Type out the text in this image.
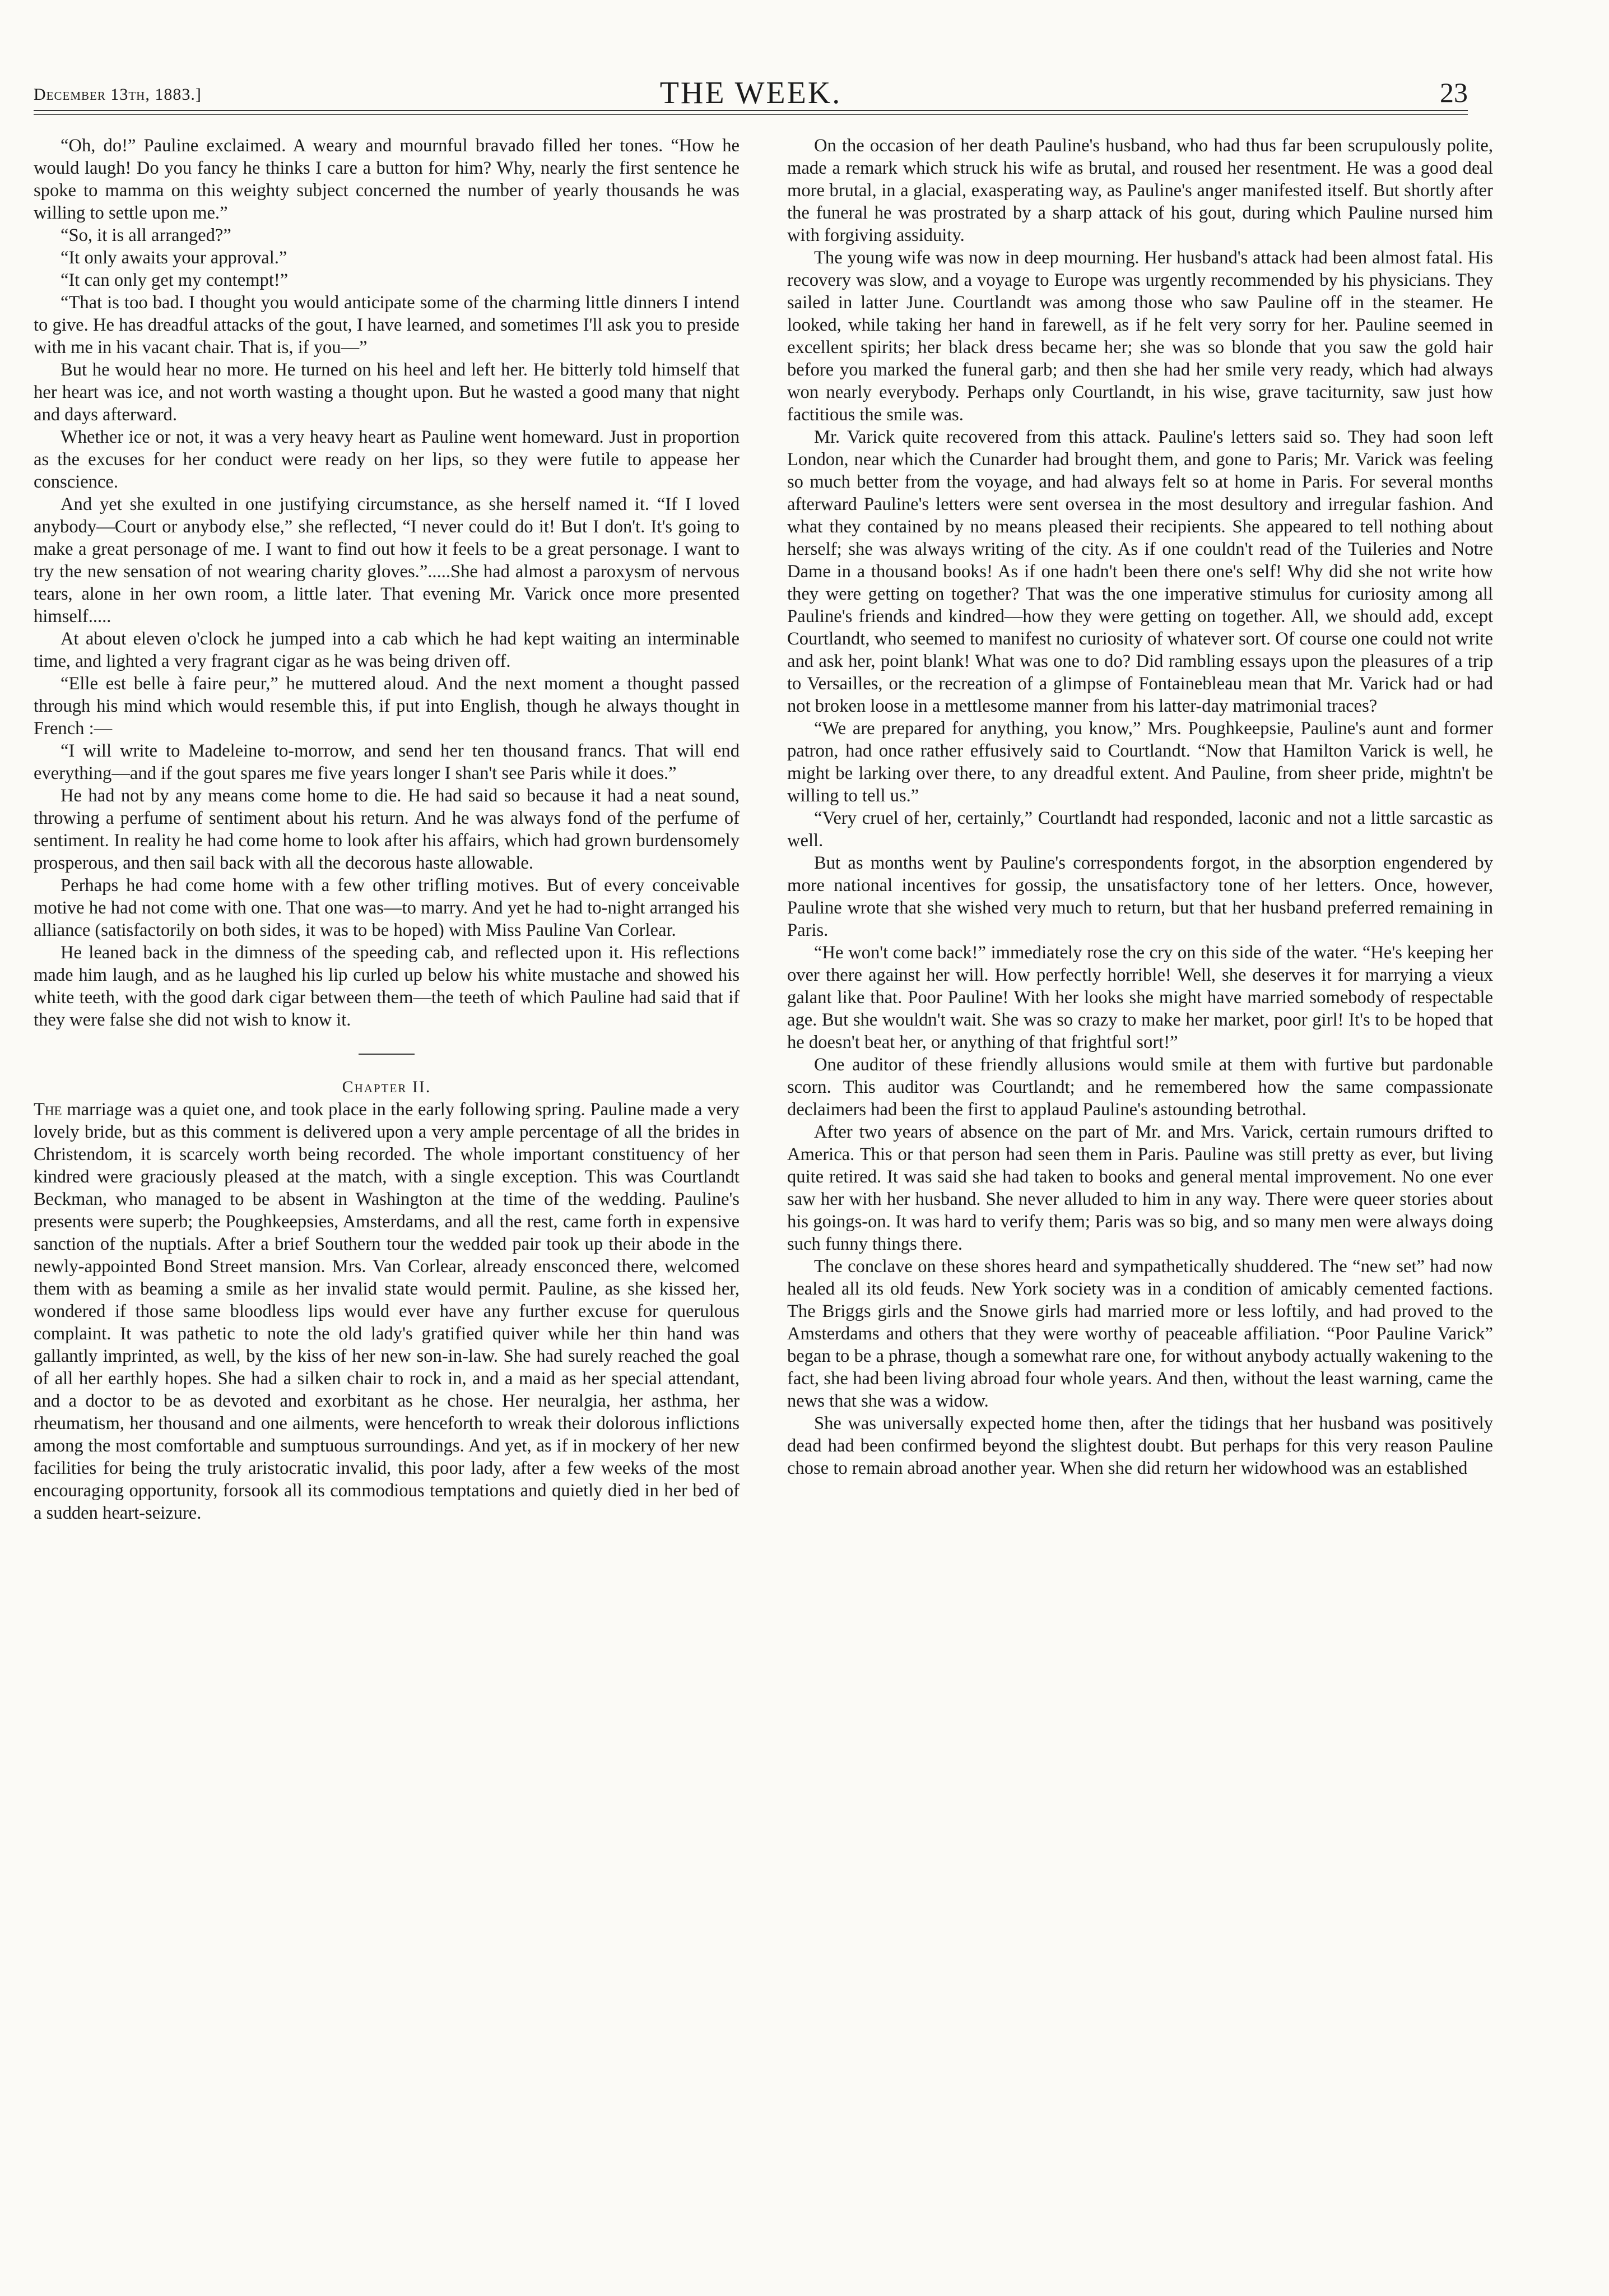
December 13th, 1883.]	THE WEEK.	23

“Oh, do!” Pauline exclaimed. A weary and mournful bravado filled her tones. “How he would laugh! Do you fancy he thinks I care a button for him? Why, nearly the first sentence he spoke to mamma on this weighty subject concerned the number of yearly thousands he was willing to settle upon me.”

“So, it is all arranged?”

“It only awaits your approval.”

“It can only get my contempt!”

“That is too bad. I thought you would anticipate some of the charming little dinners I intend to give. He has dreadful attacks of the gout, I have learned, and sometimes I'll ask you to preside with me in his vacant chair. That is, if you—”

But he would hear no more. He turned on his heel and left her. He bitterly told himself that her heart was ice, and not worth wasting a thought upon. But he wasted a good many that night and days afterward.

Whether ice or not, it was a very heavy heart as Pauline went homeward. Just in proportion as the excuses for her conduct were ready on her lips, so they were futile to appease her conscience.

And yet she exulted in one justifying circumstance, as she herself named it. “If I loved anybody—Court or anybody else,” she reflected, “I never could do it! But I don't. It's going to make a great personage of me. I want to find out how it feels to be a great personage. I want to try the new sensation of not wearing charity gloves.”.....She had almost a paroxysm of nervous tears, alone in her own room, a little later. That evening Mr. Varick once more presented himself.....

At about eleven o'clock he jumped into a cab which he had kept waiting an interminable time, and lighted a very fragrant cigar as he was being driven off.

“Elle est belle à faire peur,” he muttered aloud. And the next moment a thought passed through his mind which would resemble this, if put into English, though he always thought in French :—

“I will write to Madeleine to-morrow, and send her ten thousand francs. That will end everything—and if the gout spares me five years longer I shan't see Paris while it does.”

He had not by any means come home to die. He had said so because it had a neat sound, throwing a perfume of sentiment about his return. And he was always fond of the perfume of sentiment. In reality he had come home to look after his affairs, which had grown burdensomely prosperous, and then sail back with all the decorous haste allowable.

Perhaps he had come home with a few other trifling motives. But of every conceivable motive he had not come with one. That one was—to marry. And yet he had to-night arranged his alliance (satisfactorily on both sides, it was to be hoped) with Miss Pauline Van Corlear.

He leaned back in the dimness of the speeding cab, and reflected upon it. His reflections made him laugh, and as he laughed his lip curled up below his white mustache and showed his white teeth, with the good dark cigar between them—the teeth of which Pauline had said that if they were false she did not wish to know it.

Chapter II.

The marriage was a quiet one, and took place in the early following spring. Pauline made a very lovely bride, but as this comment is delivered upon a very ample percentage of all the brides in Christendom, it is scarcely worth being recorded. The whole important constituency of her kindred were graciously pleased at the match, with a single exception. This was Courtlandt Beckman, who managed to be absent in Washington at the time of the wedding. Pauline's presents were superb; the Poughkeepsies, Amsterdams, and all the rest, came forth in expensive sanction of the nuptials. After a brief Southern tour the wedded pair took up their abode in the newly-appointed Bond Street mansion. Mrs. Van Corlear, already ensconced there, welcomed them with as beaming a smile as her invalid state would permit. Pauline, as she kissed her, wondered if those same bloodless lips would ever have any further excuse for querulous complaint. It was pathetic to note the old lady's gratified quiver while her thin hand was gallantly imprinted, as well, by the kiss of her new son-in-law. She had surely reached the goal of all her earthly hopes. She had a silken chair to rock in, and a maid as her special attendant, and a doctor to be as devoted and exorbitant as he chose. Her neuralgia, her asthma, her rheumatism, her thousand and one ailments, were henceforth to wreak their dolorous inflictions among the most comfortable and sumptuous surroundings. And yet, as if in mockery of her new facilities for being the truly aristocratic invalid, this poor lady, after a few weeks of the most encouraging opportunity, forsook all its commodious temptations and quietly died in her bed of a sudden heart-seizure.

On the occasion of her death Pauline's husband, who had thus far been scrupulously polite, made a remark which struck his wife as brutal, and roused her resentment. He was a good deal more brutal, in a glacial, exasperating way, as Pauline's anger manifested itself. But shortly after the funeral he was prostrated by a sharp attack of his gout, during which Pauline nursed him with forgiving assiduity.

The young wife was now in deep mourning. Her husband's attack had been almost fatal. His recovery was slow, and a voyage to Europe was urgently recommended by his physicians. They sailed in latter June. Courtlandt was among those who saw Pauline off in the steamer. He looked, while taking her hand in farewell, as if he felt very sorry for her. Pauline seemed in excellent spirits; her black dress became her; she was so blonde that you saw the gold hair before you marked the funeral garb; and then she had her smile very ready, which had always won nearly everybody. Perhaps only Courtlandt, in his wise, grave taciturnity, saw just how factitious the smile was.

Mr. Varick quite recovered from this attack. Pauline's letters said so. They had soon left London, near which the Cunarder had brought them, and gone to Paris; Mr. Varick was feeling so much better from the voyage, and had always felt so at home in Paris. For several months afterward Pauline's letters were sent oversea in the most desultory and irregular fashion. And what they contained by no means pleased their recipients. She appeared to tell nothing about herself; she was always writing of the city. As if one couldn't read of the Tuileries and Notre Dame in a thousand books! As if one hadn't been there one's self! Why did she not write how they were getting on together? That was the one imperative stimulus for curiosity among all Pauline's friends and kindred—how they were getting on together. All, we should add, except Courtlandt, who seemed to manifest no curiosity of whatever sort. Of course one could not write and ask her, point blank! What was one to do? Did rambling essays upon the pleasures of a trip to Versailles, or the recreation of a glimpse of Fontainebleau mean that Mr. Varick had or had not broken loose in a mettlesome manner from his latter-day matrimonial traces?

“We are prepared for anything, you know,” Mrs. Poughkeepsie, Pauline's aunt and former patron, had once rather effusively said to Courtlandt. “Now that Hamilton Varick is well, he might be larking over there, to any dreadful extent. And Pauline, from sheer pride, mightn't be willing to tell us.”

“Very cruel of her, certainly,” Courtlandt had responded, laconic and not a little sarcastic as well.

But as months went by Pauline's correspondents forgot, in the absorption engendered by more national incentives for gossip, the unsatisfactory tone of her letters. Once, however, Pauline wrote that she wished very much to return, but that her husband preferred remaining in Paris.

“He won't come back!” immediately rose the cry on this side of the water. “He's keeping her over there against her will. How perfectly horrible! Well, she deserves it for marrying a vieux galant like that. Poor Pauline! With her looks she might have married somebody of respectable age. But she wouldn't wait. She was so crazy to make her market, poor girl! It's to be hoped that he doesn't beat her, or anything of that frightful sort!”

One auditor of these friendly allusions would smile at them with furtive but pardonable scorn. This auditor was Courtlandt; and he remembered how the same compassionate declaimers had been the first to applaud Pauline's astounding betrothal.

After two years of absence on the part of Mr. and Mrs. Varick, certain rumours drifted to America. This or that person had seen them in Paris. Pauline was still pretty as ever, but living quite retired. It was said she had taken to books and general mental improvement. No one ever saw her with her husband. She never alluded to him in any way. There were queer stories about his goings-on. It was hard to verify them; Paris was so big, and so many men were always doing such funny things there.

The conclave on these shores heard and sympathetically shuddered. The “new set” had now healed all its old feuds. New York society was in a condition of amicably cemented factions. The Briggs girls and the Snowe girls had married more or less loftily, and had proved to the Amsterdams and others that they were worthy of peaceable affiliation. “Poor Pauline Varick” began to be a phrase, though a somewhat rare one, for without anybody actually wakening to the fact, she had been living abroad four whole years. And then, without the least warning, came the news that she was a widow.

She was universally expected home then, after the tidings that her husband was positively dead had been confirmed beyond the slightest doubt. But perhaps for this very reason Pauline chose to remain abroad another year. When she did return her widowhood was an established
